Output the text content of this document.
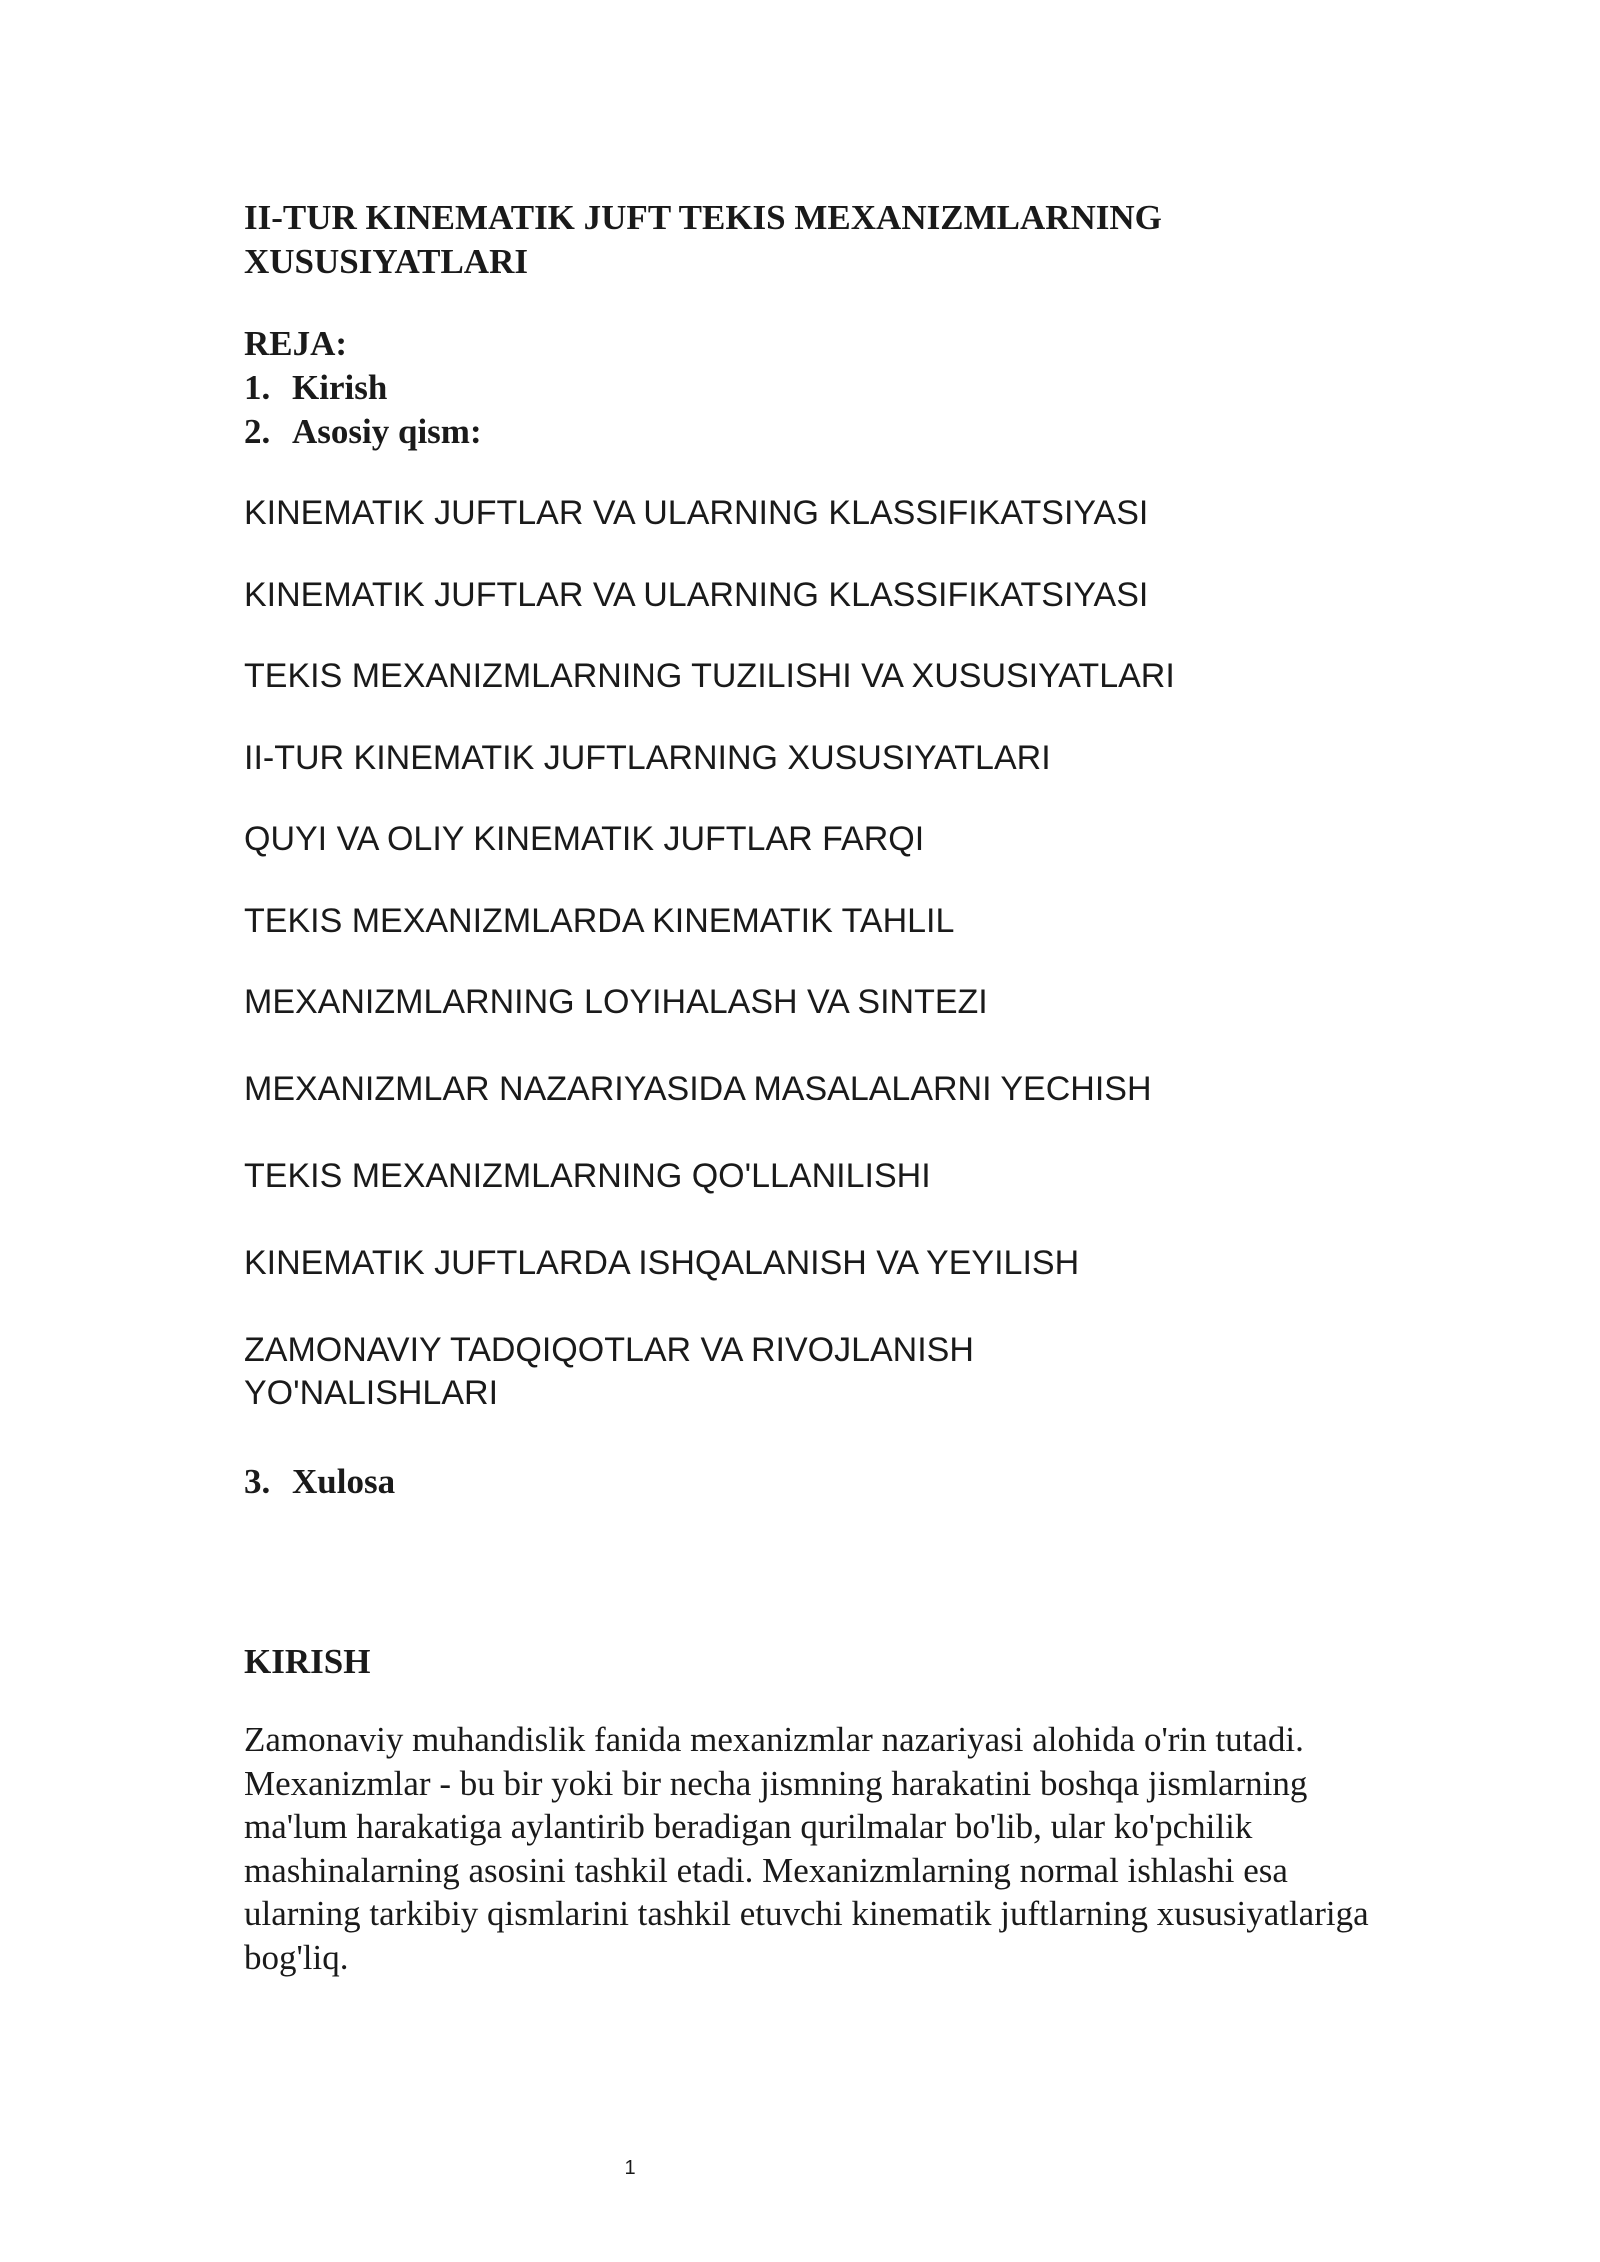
II-TUR KINEMATIK JUFT TEKIS MEXANIZMLARNING XUSUSIYATLARI

REJA:

1. Kirish

2. Asosiy qism:

KINEMATIK JUFTLAR VA ULARNING KLASSIFIKATSIYASI

KINEMATIK JUFTLAR VA ULARNING KLASSIFIKATSIYASI

TEKIS MEXANIZMLARNING TUZILISHI VA XUSUSIYATLARI

II-TUR KINEMATIK JUFTLARNING XUSUSIYATLARI

QUYI VA OLIY KINEMATIK JUFTLAR FARQI

TEKIS MEXANIZMLARDA KINEMATIK TAHLIL

MEXANIZMLARNING LOYIHALASH VA SINTEZI

MEXANIZMLAR NAZARIYASIDA MASALALARNI YECHISH

TEKIS MEXANIZMLARNING QO'LLANILISHI

KINEMATIK JUFTLARDA ISHQALANISH VA YEYILISH

ZAMONAVIY TADQIQOTLAR VA RIVOJLANISH YO'NALISHLARI

3. Xulosa

KIRISH

Zamonaviy muhandislik fanida mexanizmlar nazariyasi alohida o'rin tutadi. Mexanizmlar - bu bir yoki bir necha jismning harakatini boshqa jismlarning ma'lum harakatiga aylantirib beradigan qurilmalar bo'lib, ular ko'pchilik mashinalarning asosini tashkil etadi. Mexanizmlarning normal ishlashi esa ularning tarkibiy qismlarini tashkil etuvchi kinematik juftlarning xususiyatlariga bog'liq.

1
